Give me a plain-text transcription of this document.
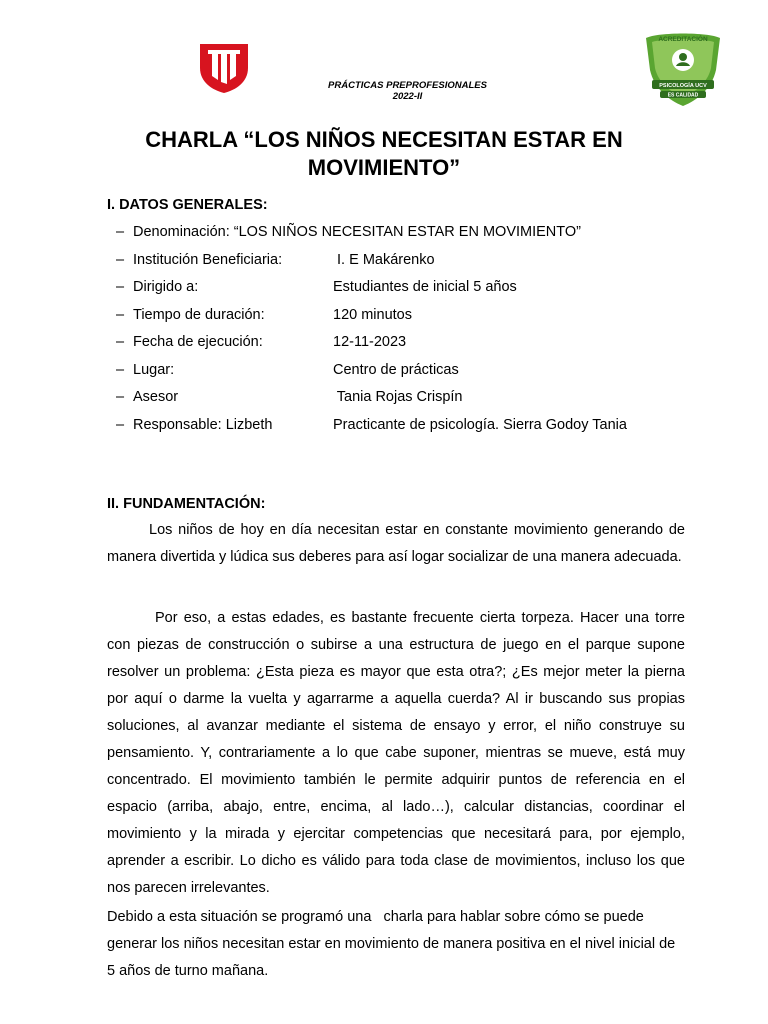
ACREDITACIÓN
PSICOLOGÍA UCV
ES CALIDAD
PRÁCTICAS PREPROFESIONALES
2022-II
CHARLA “LOS NIÑOS NECESITAN ESTAR EN MOVIMIENTO”
I. DATOS GENERALES:
– Denominación: “LOS NIÑOS NECESITAN ESTAR EN MOVIMIENTO”
– Institución Beneficiaria:	I. E Makárenko
– Dirigido a:	Estudiantes de inicial 5 años
– Tiempo de duración:	120 minutos
– Fecha de ejecución:	12-11-2023
– Lugar:	Centro de prácticas
– Asesor	Tania Rojas Crispín
– Responsable: Lizbeth	Practicante de psicología. Sierra Godoy Tania
II. FUNDAMENTACIÓN:

Los niños de hoy en día necesitan estar en constante movimiento generando de manera divertida y lúdica sus deberes para así logar socializar de una manera adecuada.

Por eso, a estas edades, es bastante frecuente cierta torpeza. Hacer una torre con piezas de construcción o subirse a una estructura de juego en el parque supone resolver un problema: ¿Esta pieza es mayor que esta otra?; ¿Es mejor meter la pierna por aquí o darme la vuelta y agarrarme a aquella cuerda? Al ir buscando sus propias soluciones, al avanzar mediante el sistema de ensayo y error, el niño construye su pensamiento. Y, contrariamente a lo que cabe suponer, mientras se mueve, está muy concentrado. El movimiento también le permite adquirir puntos de referencia en el espacio (arriba, abajo, entre, encima, al lado…), calcular distancias, coordinar el movimiento y la mirada y ejercitar competencias que necesitará para, por ejemplo, aprender a escribir. Lo dicho es válido para toda clase de movimientos, incluso los que nos parecen irrelevantes.

Debido a esta situación se programó una   charla para hablar sobre cómo se puede generar los niños necesitan estar en movimiento de manera positiva en el nivel inicial de 5 años de turno mañana.
